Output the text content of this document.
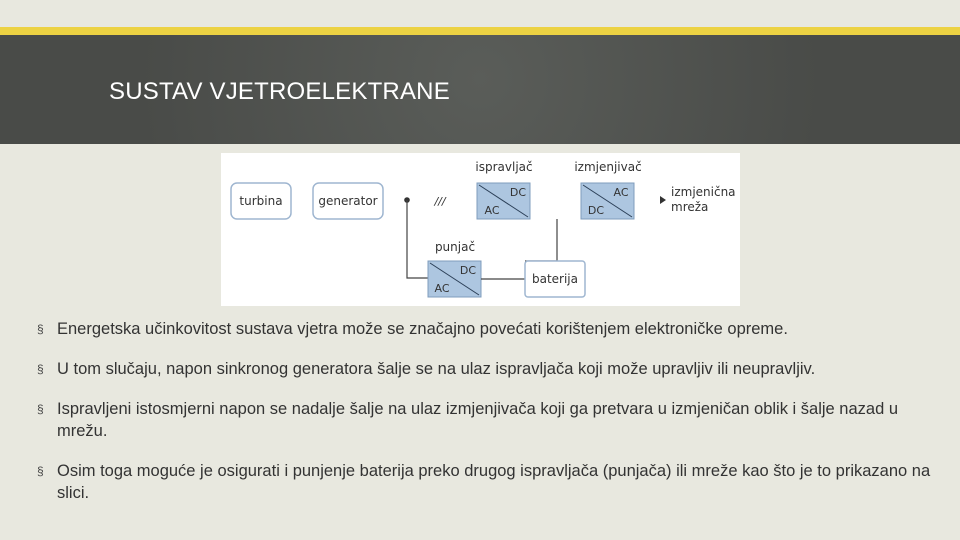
SUSTAV VJETROELEKTRANE
turbina	generator	///
ispravljač
DC
AC
izmjenjivač
AC
DC
izmjenična
mreža
punjač
DC
AC
baterija
§ Energetska učinkovitost sustava vjetra može se značajno povećati korištenjem elektroničke opreme.
§ U tom slučaju, napon sinkronog generatora šalje se na ulaz ispravljača koji može upravljiv ili neupravljiv.
§ Ispravljeni istosmjerni napon se nadalje šalje na ulaz izmjenjivača koji ga pretvara u izmjeničan oblik i šalje nazad u mrežu.
§ Osim toga moguće je osigurati i punjenje baterija preko drugog ispravljača (punjača) ili mreže kao što je to prikazano na slici.
